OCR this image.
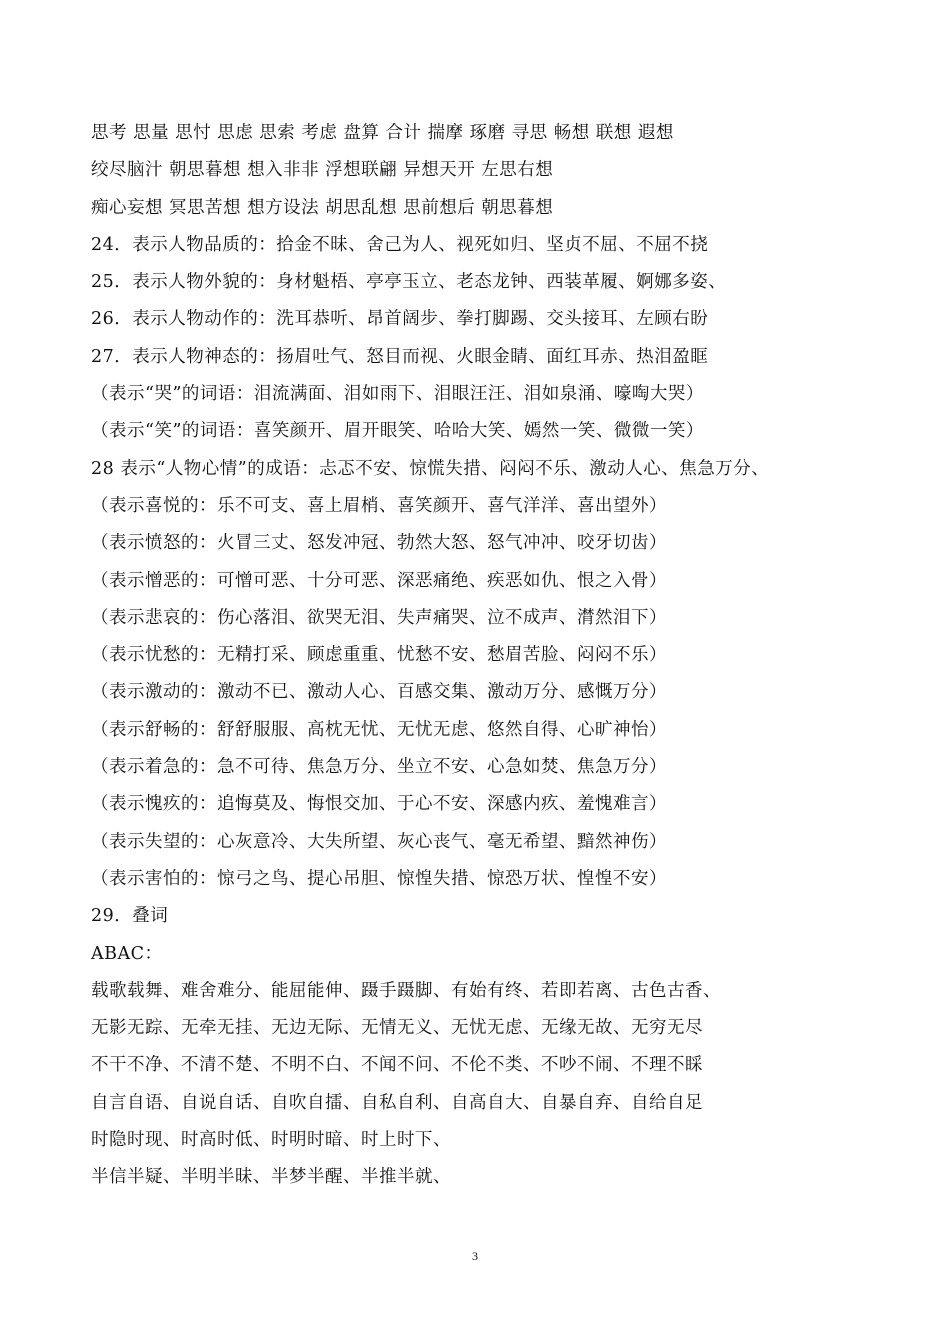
思考 思量 思忖 思虑 思索 考虑 盘算 合计 揣摩 琢磨 寻思 畅想 联想 遐想
绞尽脑汁 朝思暮想 想入非非 浮想联翩 异想天开 左思右想
痴心妄想 冥思苦想 想方设法 胡思乱想 思前想后 朝思暮想
24．表示人物品质的：拾金不昧、舍己为人、视死如归、坚贞不屈、不屈不挠
25．表示人物外貌的：身材魁梧、亭亭玉立、老态龙钟、西装革履、婀娜多姿、
26．表示人物动作的：洗耳恭听、昂首阔步、拳打脚踢、交头接耳、左顾右盼
27．表示人物神态的：扬眉吐气、怒目而视、火眼金睛、面红耳赤、热泪盈眶
（表示“哭”的词语：泪流满面、泪如雨下、泪眼汪汪、泪如泉涌、嚎啕大哭）
（表示“笑”的词语：喜笑颜开、眉开眼笑、哈哈大笑、嫣然一笑、微微一笑）
28 表示“人物心情”的成语：忐忑不安、惊慌失措、闷闷不乐、激动人心、焦急万分、
（表示喜悦的：乐不可支、喜上眉梢、喜笑颜开、喜气洋洋、喜出望外）
（表示愤怒的：火冒三丈、怒发冲冠、勃然大怒、怒气冲冲、咬牙切齿）
（表示憎恶的：可憎可恶、十分可恶、深恶痛绝、疾恶如仇、恨之入骨）
（表示悲哀的：伤心落泪、欲哭无泪、失声痛哭、泣不成声、潸然泪下）
（表示忧愁的：无精打采、顾虑重重、忧愁不安、愁眉苦脸、闷闷不乐）
（表示激动的：激动不已、激动人心、百感交集、激动万分、感慨万分）
（表示舒畅的：舒舒服服、高枕无忧、无忧无虑、悠然自得、心旷神怡）
（表示着急的：急不可待、焦急万分、坐立不安、心急如焚、焦急万分）
（表示愧疚的：追悔莫及、悔恨交加、于心不安、深感内疚、羞愧难言）
（表示失望的：心灰意冷、大失所望、灰心丧气、毫无希望、黯然神伤）
（表示害怕的：惊弓之鸟、提心吊胆、惊惶失措、惊恐万状、惶惶不安）
29．叠词
ABAC：
载歌载舞、难舍难分、能屈能伸、蹑手蹑脚、有始有终、若即若离、古色古香、
无影无踪、无牵无挂、无边无际、无情无义、无忧无虑、无缘无故、无穷无尽
不干不净、不清不楚、不明不白、不闻不问、不伦不类、不吵不闹、不理不睬
自言自语、自说自话、自吹自擂、自私自利、自高自大、自暴自弃、自给自足
时隐时现、时高时低、时明时暗、时上时下、
半信半疑、半明半昧、半梦半醒、半推半就、
3
